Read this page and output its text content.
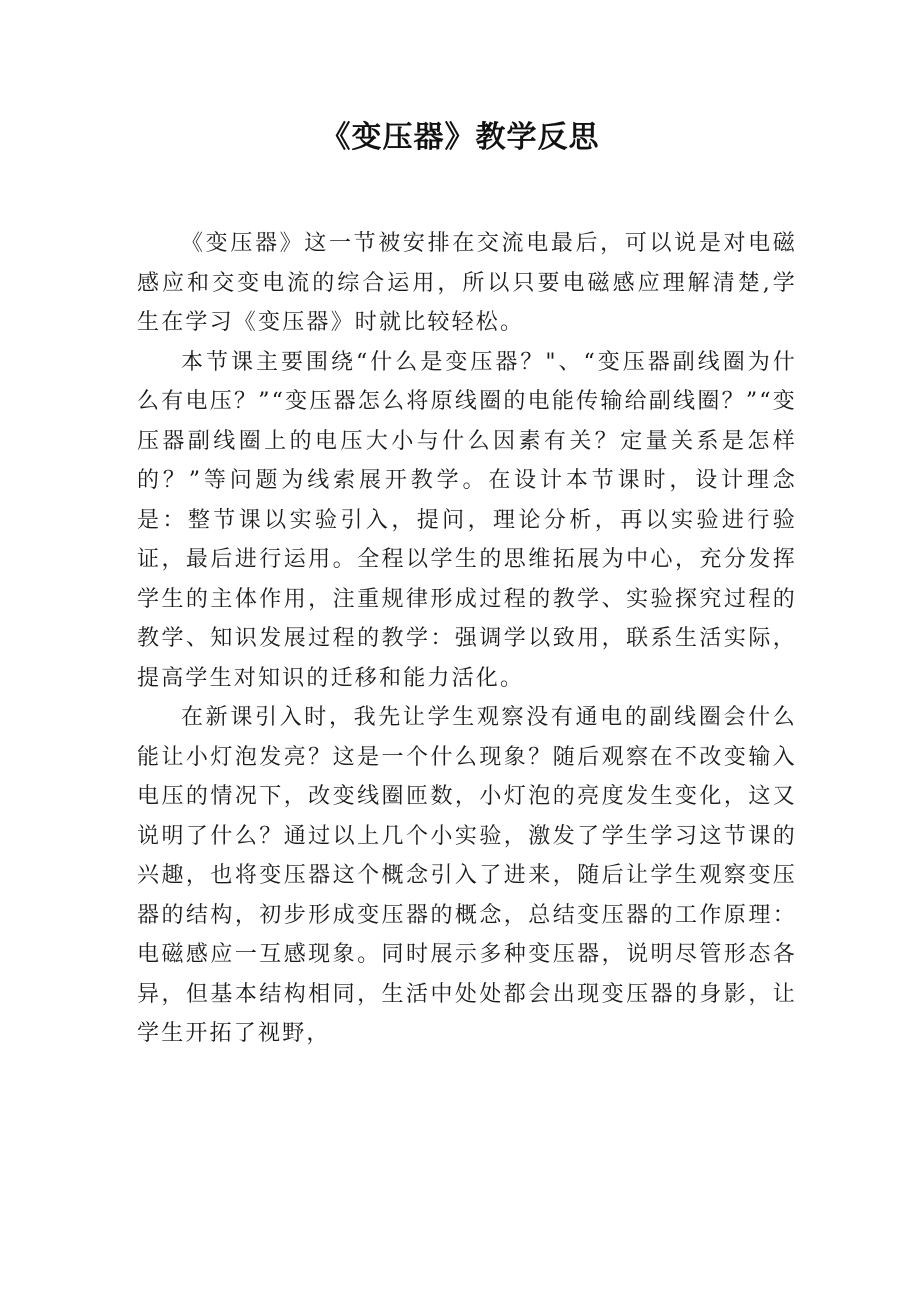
《变压器》教学反思

《变压器》这一节被安排在交流电最后，可以说是对电磁感应和交变电流的综合运用，所以只要电磁感应理解清楚,学生在学习《变压器》时就比较轻松。

本节课主要围绕“什么是变压器？"、“变压器副线圈为什么有电压？”“变压器怎么将原线圈的电能传输给副线圈？”“变压器副线圈上的电压大小与什么因素有关？定量关系是怎样的？”等问题为线索展开教学。在设计本节课时，设计理念是：整节课以实验引入，提问，理论分析，再以实验进行验证，最后进行运用。全程以学生的思维拓展为中心，充分发挥学生的主体作用，注重规律形成过程的教学、实验探究过程的教学、知识发展过程的教学：强调学以致用，联系生活实际，提高学生对知识的迁移和能力活化。

在新课引入时，我先让学生观察没有通电的副线圈会什么能让小灯泡发亮？这是一个什么现象？随后观察在不改变输入电压的情况下，改变线圈匝数，小灯泡的亮度发生变化，这又说明了什么？通过以上几个小实验，激发了学生学习这节课的兴趣，也将变压器这个概念引入了进来，随后让学生观察变压器的结构，初步形成变压器的概念，总结变压器的工作原理：电磁感应一互感现象。同时展示多种变压器，说明尽管形态各异，但基本结构相同，生活中处处都会出现变压器的身影，让学生开拓了视野，
